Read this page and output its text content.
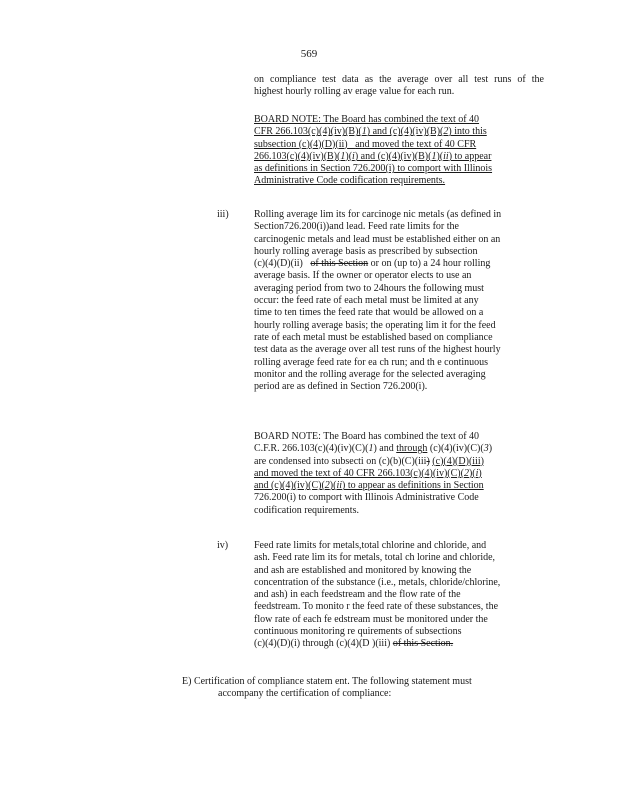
569
on compliance test data as the average over all test runs of the
highest hourly rolling av erage value for each run.
BOARD NOTE: The Board has combined the text of 40
CFR 266.103(c)(4)(iv)(B)(1) and (c)(4)(iv)(B)(2) into this
subsection (c)(4)(D)(ii) and moved the text of 40 CFR
266.103(c)(4)(iv)(B)(1)(i) and (c)(4)(iv)(B)(1)(ii) to appear
as definitions in Section 726.200(i) to comport with Illinois
Administrative Code codification requirements.
iii)	Rolling average lim its for carcinoge nic metals (as defined in
Section726.200(i))and lead. Feed rate limits for the
carcinogenic metals and lead must be established either on an
hourly rolling average basis as prescribed by subsection
(c)(4)(D)(ii) of this Section or on (up to) a 24 hour rolling
average basis. If the owner or operator elects to use an
averaging period from two to 24hours the following must
occur: the feed rate of each metal must be limited at any
time to ten times the feed rate that would be allowed on a
hourly rolling average basis; the operating lim it for the feed
rate of each metal must be established based on compliance
test data as the average over all test runs of the highest hourly
rolling average feed rate for ea ch run; and th e continuous
monitor and the rolling average for the selected averaging
period are as defined in Section 726.200(i).
BOARD NOTE: The Board has combined the text of 40
C.F.R. 266.103(c)(4)(iv)(C)(1) and through (c)(4)(iv)(C)(3)
are condensed into subsecti on (c)(b)(C)(iii) (c)(4)(D)(iii)
and moved the text of 40 CFR 266.103(c)(4)(iv)(C)(2)(i)
and (c)(4)(iv)(C)(2)(ii) to appear as definitions in Section
726.200(i) to comport with Illinois Administrative Code
codification requirements.
iv)	Feed rate limits for metals,total chlorine and chloride, and
ash. Feed rate lim its for metals, total ch lorine and chloride,
and ash are established and monitored by knowing the
concentration of the substance (i.e., metals, chloride/chlorine,
and ash) in each feedstream and the flow rate of the
feedstream. To monito r the feed rate of these substances, the
flow rate of each fe edstream must be monitored under the
continuous monitoring re quirements of subsections
(c)(4)(D)(i) through (c)(4)(D )(iii) of this Section.
E) Certification of compliance statem ent. The following statement must
accompany the certification of compliance:
